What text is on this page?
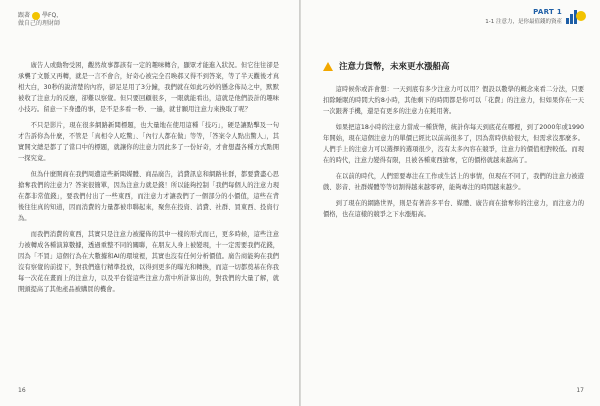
跟著 學FQ，
做自己的理財師

廣告人或動物受困，觀然故事都該有一定的趣味轉合，顯眾才能進入狀況。但它往往卻是承襲了文脈又再轉，就是一言不會合，好奇心被完全召喚郝又得不到答案，等了半天觀後才真相大白，30秒的說清楚的內容，卻足足用了3分鐘，我們就在如此巧妙的懸念佈局之中，默默被收了注意力的反應，卻難以察覺。但只要回顧很多，一眼就能看出，這就是他們設計的趣味小技巧。留意一下身邊的事，是不是多看一秒、一遍，就甘願用注意力來換取了呢？

不只是影片，現在很多網路新聞標題，也大量地在使用這種「技巧」，硬是讓點擊及一句才告訴你為什麼，不管是「真相令人吃驚」、「內行人都在做」等等，「答案令人點出驚人」，其實開文總是都了了當口中的標題，就讓你的注意力因此多了一份好奇，才會想盡各種方式點開一探究竟。

但為什麼開商在我們周遭這些新聞媒體、商品廣告，消費訊息和網路社群，都要費盡心思搶奪我們的注意力？答案很簡單，因為注意力就是錢！所以能夠控制「我們每個人的注意力現在都非常值錢」，要我們付出了一些東西，而注意力才讓我們了一個部分的小價值，這些在背後往往真的知道，因而消費的力量都被串聯起來，聚焦在投資、消費、社群、買東西、投資行為。

而我們消費的東西，其實只是注意力被擺佈的其中一樣的形式而已，更多時候，這些注意力被轉成各種演算數據，透過重整不同的關聯，在朋友人身上被變現，十一定需要我們花錢，因為「不買」這個行為在大數據和AI的環境裡，其實也沒有任何分析價值。廣告商能夠在我們沒有察覺的前提下，對我們進行精準投放，以得到更多的曝光和轉換，而這一切都奠基在你我每一次花在畫面上的注意力，以及平台從這些注意力當中所計算出的，對我們的大量了解，就開頭提高了其他產品被購買的機會。

16
PART 1
1-1 注意力，是你最值錢的資產
注意力貨幣，未來更水漲船高

這時候你或許會想：一天到底有多少注意力可以用？假設以數學的概念來看二分法，只要扣除睡眠的時間大約8小時，其他剩下的時間都是你可以「花費」的注意力，但如果你在一天一次跟著手機，還是有更多的注意力在耗用著。

如果把這18小時的注意力當成一種貨幣，統計你每天到底花在哪裡，到了2000年或1990年開始，現在這個注意力的單價已經比以前高很多了，因為當時供給很大，但需求沒那麼多。人們手上的注意力可以選擇的選項很少，沒有太多內容在競爭，注意力的價值相對較低。而現在的時代，注意力變得有限，且被各種東西搶奪，它的價格就越來越高了。

在以前的時代，人們需要專注在工作或生活上的事情，但現在不同了，我們的注意力被遊戲、影音、社群媒體等等切割得越來越零碎，能夠專注的時間越來越少。

到了現在的網路世界，則是有著許多平台、媒體、廣告商在搶奪你的注意力，而注意力的價格，也在這樣的競爭之下水漲船高。

17
